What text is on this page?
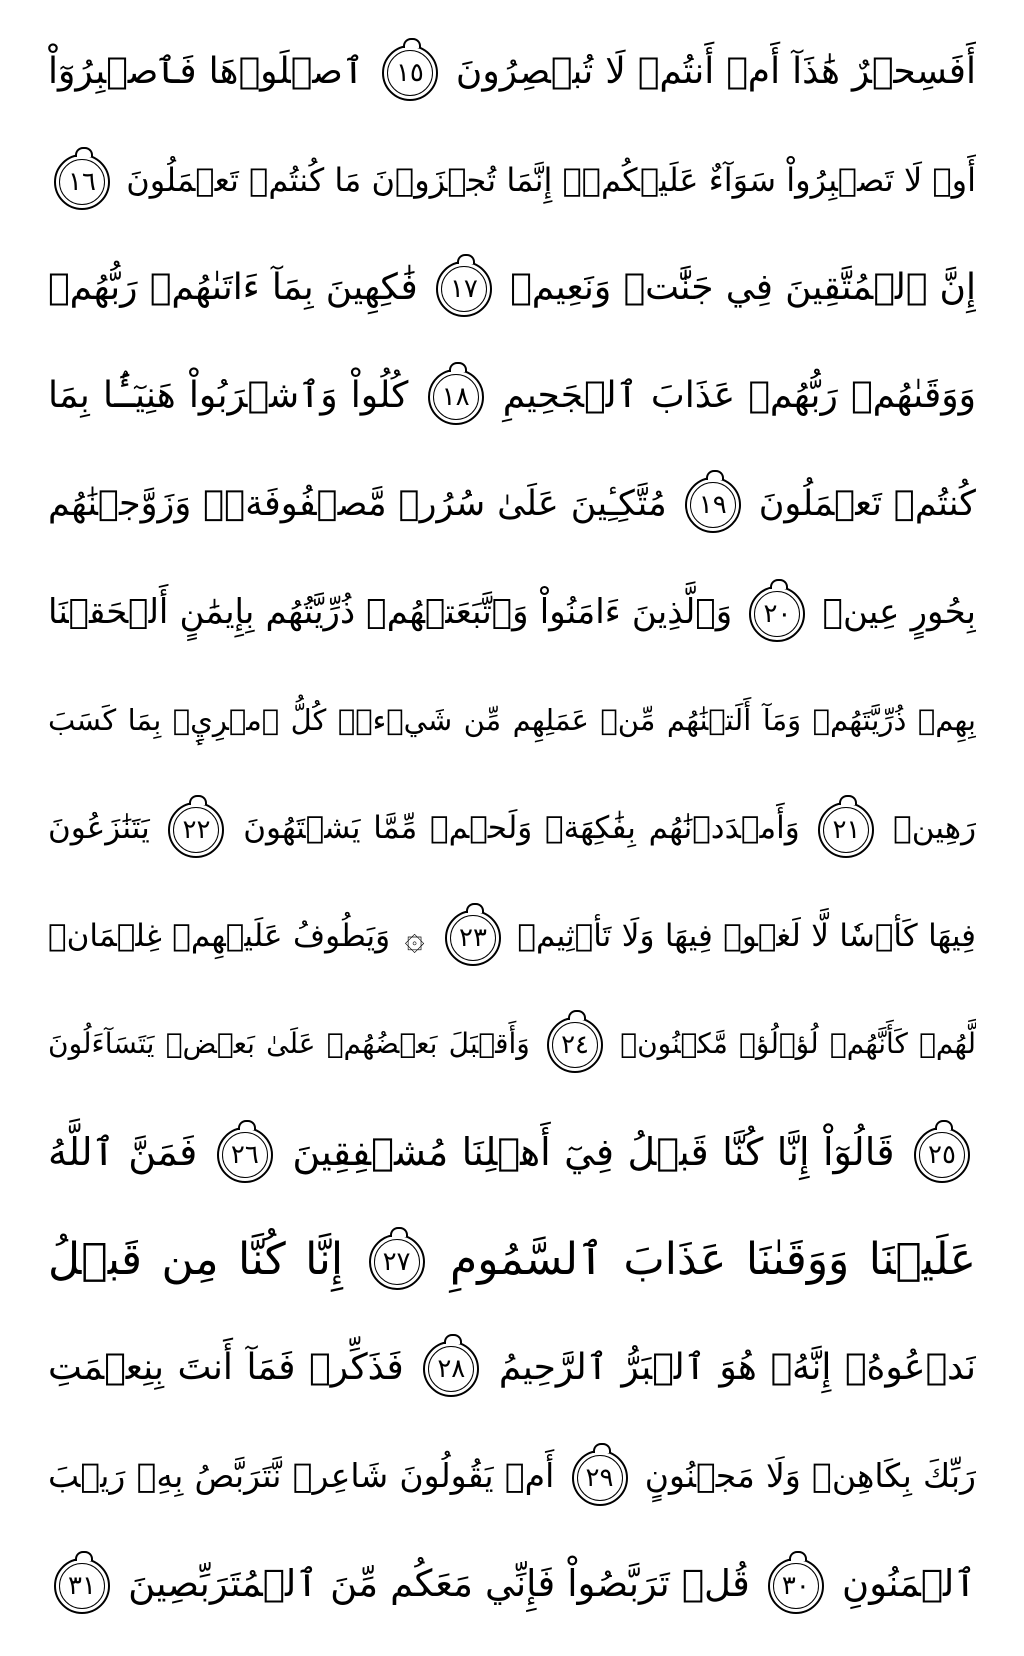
أَفَسِحۡرٌ هَٰذَآ أَمۡ أَنتُمۡ لَا تُبۡصِرُونَ ١٥ ٱصۡلَوۡهَا فَٱصۡبِرُوٓاْ
أَوۡ لَا تَصۡبِرُواْ سَوَآءٌ عَلَيۡكُمۡۖ إِنَّمَا تُجۡزَوۡنَ مَا كُنتُمۡ تَعۡمَلُونَ ١٦
إِنَّ ٱلۡمُتَّقِينَ فِي جَنَّٰتٖ وَنَعِيمٖ ١٧ فَٰكِهِينَ بِمَآ ءَاتَىٰهُمۡ رَبُّهُمۡ
وَوَقَىٰهُمۡ رَبُّهُمۡ عَذَابَ ٱلۡجَحِيمِ ١٨ كُلُواْ وَٱشۡرَبُواْ هَنِيٓـَٔۢا بِمَا
كُنتُمۡ تَعۡمَلُونَ ١٩ مُتَّكِـِٔينَ عَلَىٰ سُرُرٖ مَّصۡفُوفَةٖۖ وَزَوَّجۡنَٰهُم
بِحُورٍ عِينٖ ٢٠ وَٱلَّذِينَ ءَامَنُواْ وَٱتَّبَعَتۡهُمۡ ذُرِّيَّتُهُم بِإِيمَٰنٍ أَلۡحَقۡنَا
بِهِمۡ ذُرِّيَّتَهُمۡ وَمَآ أَلَتۡنَٰهُم مِّنۡ عَمَلِهِم مِّن شَيۡءٖۚ كُلُّ ٱمۡرِيِٕۭ بِمَا كَسَبَ
رَهِينٞ ٢١ وَأَمۡدَدۡنَٰهُم بِفَٰكِهَةٖ وَلَحۡمٖ مِّمَّا يَشۡتَهُونَ ٢٢ يَتَنَٰزَعُونَ
فِيهَا كَأۡسٗا لَّا لَغۡوٞ فِيهَا وَلَا تَأۡثِيمٞ ٢٣ ۞ وَيَطُوفُ عَلَيۡهِمۡ غِلۡمَانٞ
لَّهُمۡ كَأَنَّهُمۡ لُؤۡلُؤٞ مَّكۡنُونٞ ٢٤ وَأَقۡبَلَ بَعۡضُهُمۡ عَلَىٰ بَعۡضٖ يَتَسَآءَلُونَ
٢٥ قَالُوٓاْ إِنَّا كُنَّا قَبۡلُ فِيٓ أَهۡلِنَا مُشۡفِقِينَ ٢٦ فَمَنَّ ٱللَّهُ
عَلَيۡنَا وَوَقَىٰنَا عَذَابَ ٱلسَّمُومِ ٢٧ إِنَّا كُنَّا مِن قَبۡلُ
نَدۡعُوهُۖ إِنَّهُۥ هُوَ ٱلۡبَرُّ ٱلرَّحِيمُ ٢٨ فَذَكِّرۡ فَمَآ أَنتَ بِنِعۡمَتِ
رَبِّكَ بِكَاهِنٖ وَلَا مَجۡنُونٍ ٢٩ أَمۡ يَقُولُونَ شَاعِرٞ نَّتَرَبَّصُ بِهِۦ رَيۡبَ
ٱلۡمَنُونِ ٣٠ قُلۡ تَرَبَّصُواْ فَإِنِّي مَعَكُم مِّنَ ٱلۡمُتَرَبِّصِينَ ٣١
